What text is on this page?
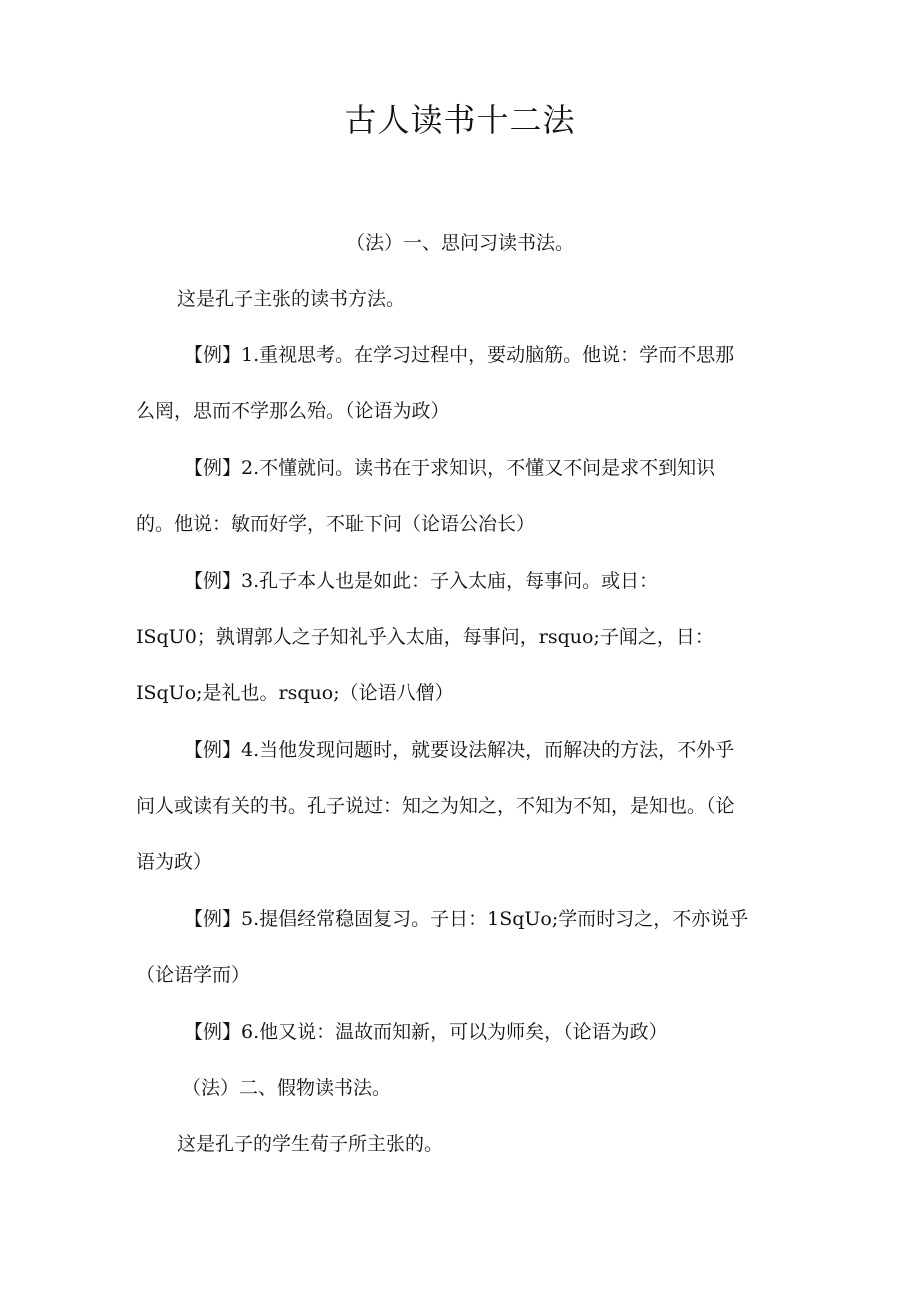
古人读书十二法

（法）一、思问习读书法。

这是孔子主张的读书方法。

【例】1.重视思考。在学习过程中，要动脑筋。他说：学而不思那

么罔，思而不学那么殆。（论语为政）

【例】2.不懂就问。读书在于求知识，不懂又不问是求不到知识

的。他说：敏而好学，不耻下问（论语公冶长）

【例】3.孔子本人也是如此：子入太庙，每事问。或日：

ISqU0；孰谓郭人之子知礼乎入太庙，每事问，rsquo;子闻之，日：

ISqUo;是礼也。rsquo;（论语八僧）

【例】4.当他发现问题时，就要设法解决，而解决的方法，不外乎

问人或读有关的书。孔子说过：知之为知之，不知为不知，是知也。（论

语为政）

【例】5.提倡经常稳固复习。子日：1SqUo;学而时习之，不亦说乎

（论语学而）

【例】6.他又说：温故而知新，可以为师矣，（论语为政）

（法）二、假物读书法。

这是孔子的学生荀子所主张的。
